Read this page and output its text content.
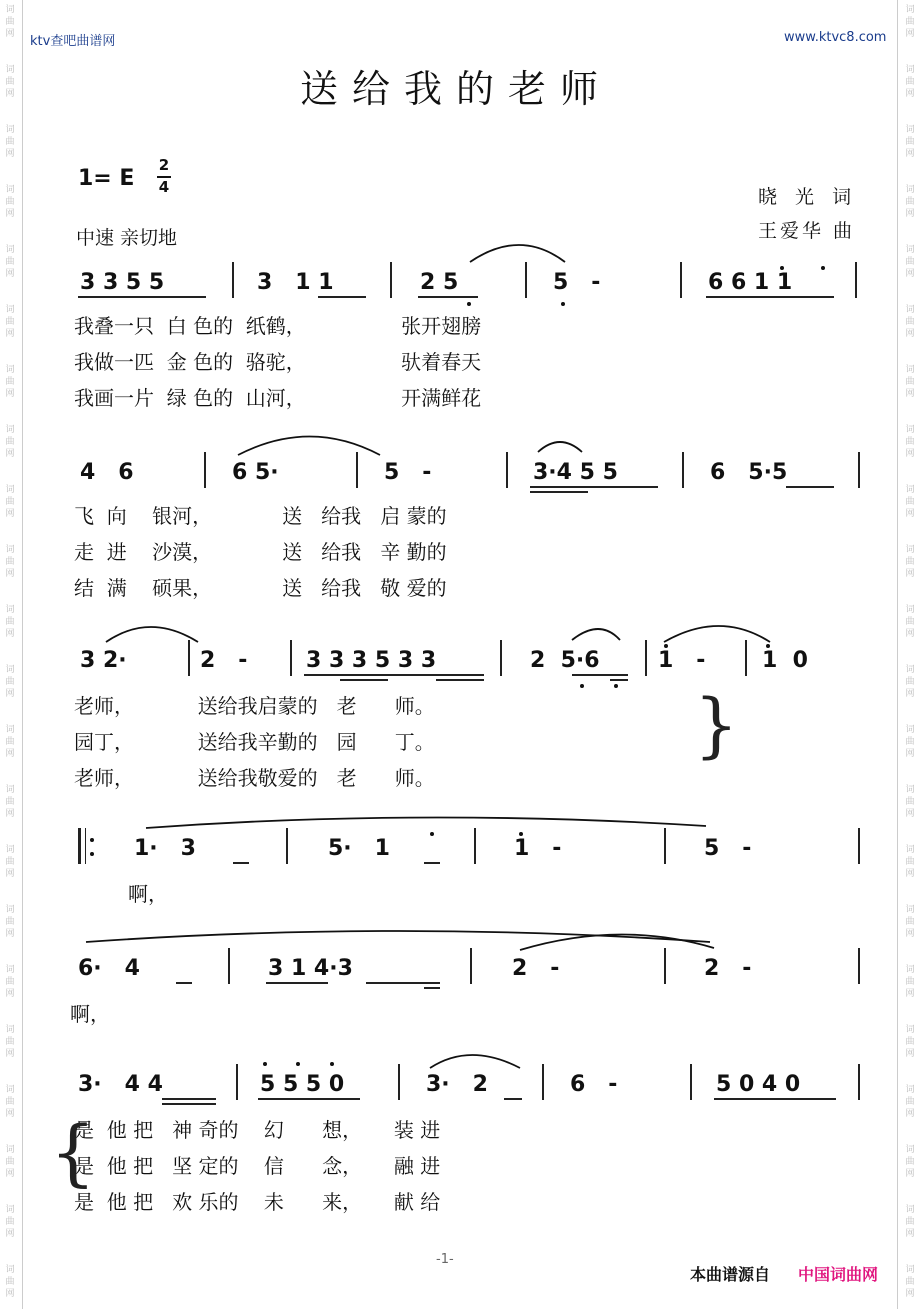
词
曲
网
词
曲
网
词
曲
网
词
曲
网
词
曲
网
词
曲
网
词
曲
网
词
曲
网
词
曲
网
词
曲
网
词
曲
网
词
曲
网
词
曲
网
词
曲
网
词
曲
网
词
曲
网
词
曲
网
词
曲
网
词
曲
网
词
曲
网
词
曲
网
词
曲
网
词
曲
网
词
曲
网
词
曲
网
词
曲
网
词
曲
网
词
曲
网
词
曲
网
词
曲
网
词
曲
网
词
曲
网
词
曲
网
词
曲
网
词
曲
网
词
曲
网
词
曲
网
词
曲
网
词
曲
网
词
曲
网
词
曲
网
词
曲
网
词
曲
网
词
曲
网
ktv查吧曲谱网	www.ktvc8.com
送给我的老师
1= E
2
4	晓 光 词
王爱华 曲
中速 亲切地
3 3 5 5	3   1 1	2 5	5   -	6 6 1 1
我叠一只  白 色的  纸鹤，               张开翅膀
我做一匹  金 色的  骆驼，               驮着春天
我画一片  绿 色的  山河，               开满鲜花
4   6	6 5·	5   -	3·4 5 5	6   5·5
飞  向    银河，           送   给我   启 蒙的
走  进    沙漠，           送   给我   辛 勤的
结  满    硕果，           送   给我   敬 爱的
3 2·	2   -	3 3 3 5 3 3	2  5·6	1   -	1  0
老师，          送给我启蒙的   老      师。
园丁，          送给我辛勤的   园      丁。
老师，          送给我敬爱的   老      师。
}
1·   3	5·   1	1   -	5   -
啊，
6·   4	3 1 4·3	2   -	2   -
啊，
3·   4 4	5 5 5 0	3·   2	6   -	5 0 4 0
是  他 把   神 奇的    幻      想，     装 进
是  他 把   坚 定的    信      念，     融 进
是  他 把   欢 乐的    未      来，     献 给
{
-1-
本曲谱源自 中国词曲网
